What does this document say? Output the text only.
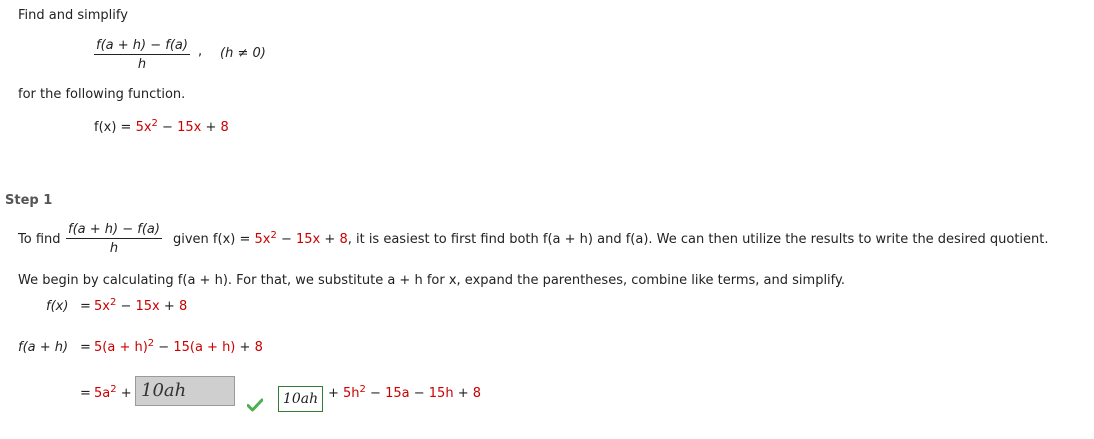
Find and simplify
$\frac{f(a + h) - f(a)}{h}$ , (h ≠ 0)
for the following function.
$f(x) = 5x^2 - 15x + 8$
Step 1
To find $\frac{f(a + h) - f(a)}{h}$ given $f(x) = 5x^2 - 15x + 8$, it is easiest to first find both f(a + h) and f(a). We can then utilize the results to write the desired quotient.
We begin by calculating f(a + h). For that, we substitute a + h for x, expand the parentheses, combine like terms, and simplify.
$f(x) = 5x^2 - 15x + 8$
$f(a + h) = 5(a + h)^2 - 15(a + h) + 8$
= $5a^2 + 10ah$	$10ah + 5h^2 - 15a - 15h + 8$
